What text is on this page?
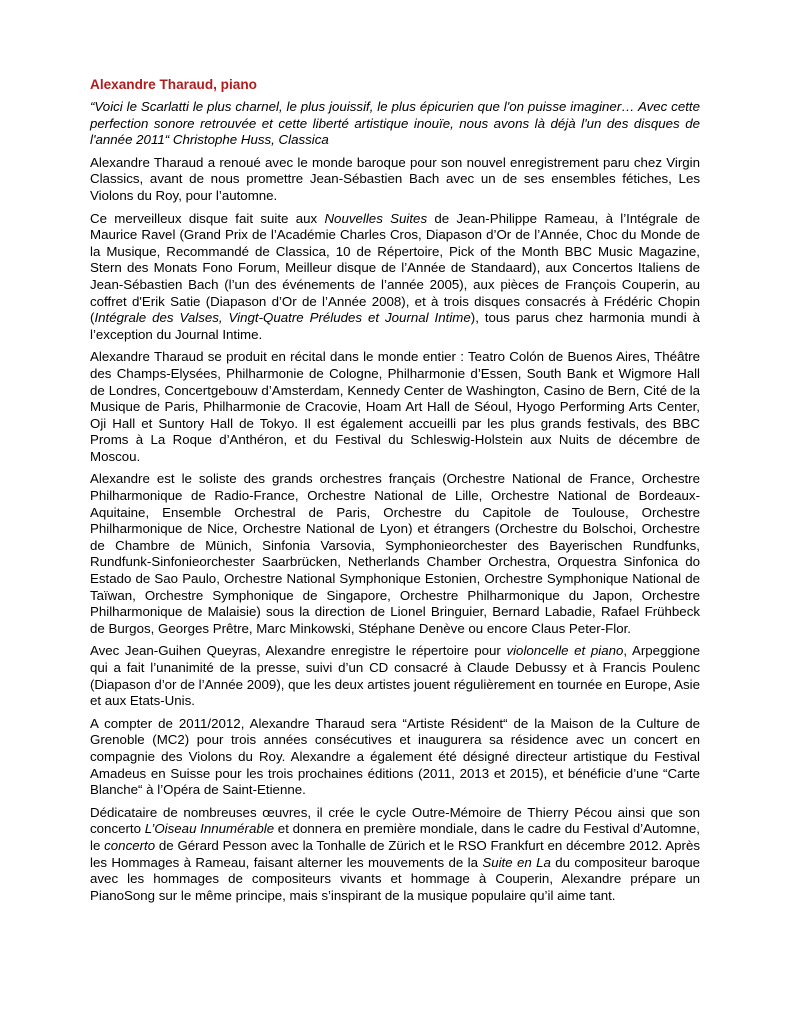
Alexandre Tharaud, piano

“Voici le Scarlatti le plus charnel, le plus jouissif, le plus épicurien que l'on puisse imaginer… Avec cette perfection sonore retrouvée et cette liberté artistique inouïe, nous avons là déjà l'un des disques de l'année 2011“ Christophe Huss, Classica

Alexandre Tharaud a renoué avec le monde baroque pour son nouvel enregistrement paru chez Virgin Classics, avant de nous promettre Jean-Sébastien Bach avec un de ses ensembles fétiches, Les Violons du Roy, pour l’automne.

Ce merveilleux disque fait suite aux Nouvelles Suites de Jean-Philippe Rameau, à l’Intégrale de Maurice Ravel (Grand Prix de l’Académie Charles Cros, Diapason d’Or de l’Année, Choc du Monde de la Musique, Recommandé de Classica, 10 de Répertoire, Pick of the Month BBC Music Magazine, Stern des Monats Fono Forum, Meilleur disque de l’Année de Standaard), aux Concertos Italiens de Jean-Sébastien Bach (l’un des événements de l’année 2005), aux pièces de François Couperin, au coffret d'Erik Satie (Diapason d’Or de l’Année 2008), et à trois disques consacrés à Frédéric Chopin (Intégrale des Valses, Vingt-Quatre Préludes et Journal Intime), tous parus chez harmonia mundi à l’exception du Journal Intime.

Alexandre Tharaud se produit en récital dans le monde entier : Teatro Colón de Buenos Aires, Théâtre des Champs-Elysées, Philharmonie de Cologne, Philharmonie d’Essen, South Bank et Wigmore Hall de Londres, Concertgebouw d’Amsterdam, Kennedy Center de Washington, Casino de Bern, Cité de la Musique de Paris, Philharmonie de Cracovie, Hoam Art Hall de Séoul, Hyogo Performing Arts Center, Oji Hall et Suntory Hall de Tokyo. Il est également accueilli par les plus grands festivals, des BBC Proms à La Roque d’Anthéron, et du Festival du Schleswig-Holstein aux Nuits de décembre de Moscou.

Alexandre est le soliste des grands orchestres français (Orchestre National de France, Orchestre Philharmonique de Radio-France, Orchestre National de Lille, Orchestre National de Bordeaux-Aquitaine, Ensemble Orchestral de Paris, Orchestre du Capitole de Toulouse, Orchestre Philharmonique de Nice, Orchestre National de Lyon) et étrangers (Orchestre du Bolschoi, Orchestre de Chambre de Münich, Sinfonia Varsovia, Symphonieorchester des Bayerischen Rundfunks, Rundfunk-Sinfonieorchester Saarbrücken, Netherlands Chamber Orchestra, Orquestra Sinfonica do Estado de Sao Paulo, Orchestre National Symphonique Estonien, Orchestre Symphonique National de Taïwan, Orchestre Symphonique de Singapore, Orchestre Philharmonique du Japon, Orchestre Philharmonique de Malaisie) sous la direction de Lionel Bringuier, Bernard Labadie, Rafael Frühbeck de Burgos, Georges Prêtre, Marc Minkowski, Stéphane Denève ou encore Claus Peter-Flor.

Avec Jean-Guihen Queyras, Alexandre enregistre le répertoire pour violoncelle et piano, Arpeggione qui a fait l’unanimité de la presse, suivi d’un CD consacré à Claude Debussy et à Francis Poulenc (Diapason d’or de l’Année 2009), que les deux artistes jouent régulièrement en tournée en Europe, Asie et aux Etats-Unis.

A compter de 2011/2012, Alexandre Tharaud sera “Artiste Résident“ de la Maison de la Culture de Grenoble (MC2) pour trois années consécutives et inaugurera sa résidence avec un concert en compagnie des Violons du Roy. Alexandre a également été désigné directeur artistique du Festival Amadeus en Suisse pour les trois prochaines éditions (2011, 2013 et 2015), et bénéficie d’une “Carte Blanche“ à l’Opéra de Saint-Etienne.

Dédicataire de nombreuses œuvres, il crée le cycle Outre-Mémoire de Thierry Pécou ainsi que son concerto L’Oiseau Innumérable et donnera en première mondiale, dans le cadre du Festival d’Automne, le concerto de Gérard Pesson avec la Tonhalle de Zürich et le RSO Frankfurt en décembre 2012. Après les Hommages à Rameau, faisant alterner les mouvements de la Suite en La du compositeur baroque avec les hommages de compositeurs vivants et hommage à Couperin, Alexandre prépare un PianoSong sur le même principe, mais s’inspirant de la musique populaire qu’il aime tant.
